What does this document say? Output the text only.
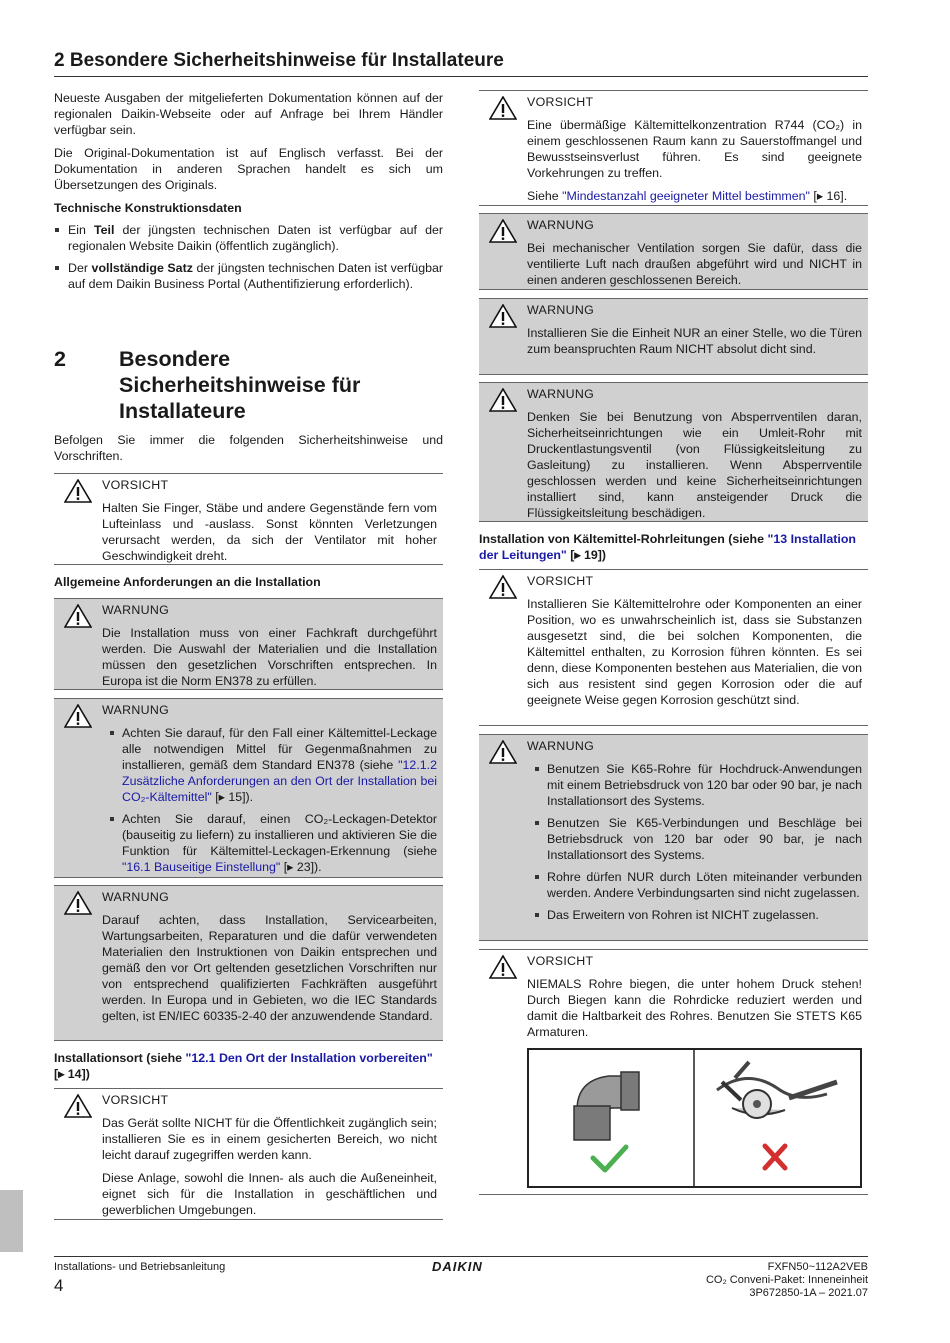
2 Besondere Sicherheitshinweise für Installateure

Neueste Ausgaben der mitgelieferten Dokumentation können auf der regionalen Daikin-Webseite oder auf Anfrage bei Ihrem Händler verfügbar sein.

Die Original-Dokumentation ist auf Englisch verfasst. Bei der Dokumentation in anderen Sprachen handelt es sich um Übersetzungen des Originals.

Technische Konstruktionsdaten
Ein Teil der jüngsten technischen Daten ist verfügbar auf der regionalen Website Daikin (öffentlich zugänglich).
Der vollständige Satz der jüngsten technischen Daten ist verfügbar auf dem Daikin Business Portal (Authentifizierung erforderlich).
2 Besondere
Sicherheitshinweise für
Installateure

Befolgen Sie immer die folgenden Sicherheitshinweise und Vorschriften.

VORSICHT

Halten Sie Finger, Stäbe und andere Gegenstände fern vom Lufteinlass und -auslass. Sonst könnten Verletzungen verursacht werden, da sich der Ventilator mit hoher Geschwindigkeit dreht.

Allgemeine Anforderungen an die Installation
WARNUNG

Die Installation muss von einer Fachkraft durchgeführt werden. Die Auswahl der Materialien und die Installation müssen den gesetzlichen Vorschriften entsprechen. In Europa ist die Norm EN378 zu erfüllen.

WARNUNG
Achten Sie darauf, für den Fall einer Kältemittel-Leckage alle notwendigen Mittel für Gegenmaßnahmen zu installieren, gemäß dem Standard EN378 (siehe "12.1.2 Zusätzliche Anforderungen an den Ort der Installation bei CO₂-Kältemittel" [▸ 15]).
Achten Sie darauf, einen CO₂-Leckagen-Detektor (bauseitig zu liefern) zu installieren und aktivieren Sie die Funktion für Kältemittel-Leckagen-Erkennung (siehe "16.1 Bauseitige Einstellung" [▸ 23]).
WARNUNG

Darauf achten, dass Installation, Servicearbeiten, Wartungsarbeiten, Reparaturen und die dafür verwendeten Materialien den Instruktionen von Daikin entsprechen und gemäß den vor Ort geltenden gesetzlichen Vorschriften nur von entsprechend qualifizierten Fachkräften ausgeführt werden. In Europa und in Gebieten, wo die IEC Standards gelten, ist EN/IEC 60335-2-40 der anzuwendende Standard.

Installationsort (siehe "12.1 Den Ort der Installation vorbereiten" [▸ 14])
VORSICHT

Das Gerät sollte NICHT für die Öffentlichkeit zugänglich sein; installieren Sie es in einem gesicherten Bereich, wo nicht leicht darauf zugegriffen werden kann.

Diese Anlage, sowohl die Innen- als auch die Außeneinheit, eignet sich für die Installation in geschäftlichen und gewerblichen Umgebungen.

VORSICHT

Eine übermäßige Kältemittelkonzentration R744 (CO₂) in einem geschlossenen Raum kann zu Sauerstoffmangel und Bewusstseinsverlust führen. Es sind geeignete Vorkehrungen zu treffen.

Siehe "Mindestanzahl geeigneter Mittel bestimmen" [▸ 16].

WARNUNG

Bei mechanischer Ventilation sorgen Sie dafür, dass die ventilierte Luft nach draußen abgeführt wird und NICHT in einen anderen geschlossenen Bereich.

WARNUNG

Installieren Sie die Einheit NUR an einer Stelle, wo die Türen zum beanspruchten Raum NICHT absolut dicht sind.

WARNUNG

Denken Sie bei Benutzung von Absperrventilen daran, Sicherheitseinrichtungen wie ein Umleit-Rohr mit Druckentlastungsventil (von Flüssigkeitsleitung zu Gasleitung) zu installieren. Wenn Absperrventile geschlossen werden und keine Sicherheitseinrichtungen installiert sind, kann ansteigender Druck die Flüssigkeitsleitung beschädigen.

Installation von Kältemittel-Rohrleitungen (siehe "13 Installation der Leitungen" [▸ 19])
VORSICHT

Installieren Sie Kältemittelrohre oder Komponenten an einer Position, wo es unwahrscheinlich ist, dass sie Substanzen ausgesetzt sind, die bei solchen Komponenten, die Kältemittel enthalten, zu Korrosion führen könnten. Es sei denn, diese Komponenten bestehen aus Materialien, die von sich aus resistent sind gegen Korrosion oder die auf geeignete Weise gegen Korrosion geschützt sind.

WARNUNG
Benutzen Sie K65-Rohre für Hochdruck-Anwendungen mit einem Betriebsdruck von 120 bar oder 90 bar, je nach Installationsort des Systems.
Benutzen Sie K65-Verbindungen und Beschläge bei Betriebsdruck von 120 bar oder 90 bar, je nach Installationsort des Systems.
Rohre dürfen NUR durch Löten miteinander verbunden werden. Andere Verbindungsarten sind nicht zugelassen.
Das Erweitern von Rohren ist NICHT zugelassen.
VORSICHT

NIEMALS Rohre biegen, die unter hohem Druck stehen! Durch Biegen kann die Rohrdicke reduziert werden und damit die Haltbarkeit des Rohres. Benutzen Sie STETS K65 Armaturen.

Installations- und Betriebsanleitung
4
DAIKIN	FXFN50~112A2VEB
CO₂ Conveni-Paket: Inneneinheit
3P672850-1A – 2021.07
